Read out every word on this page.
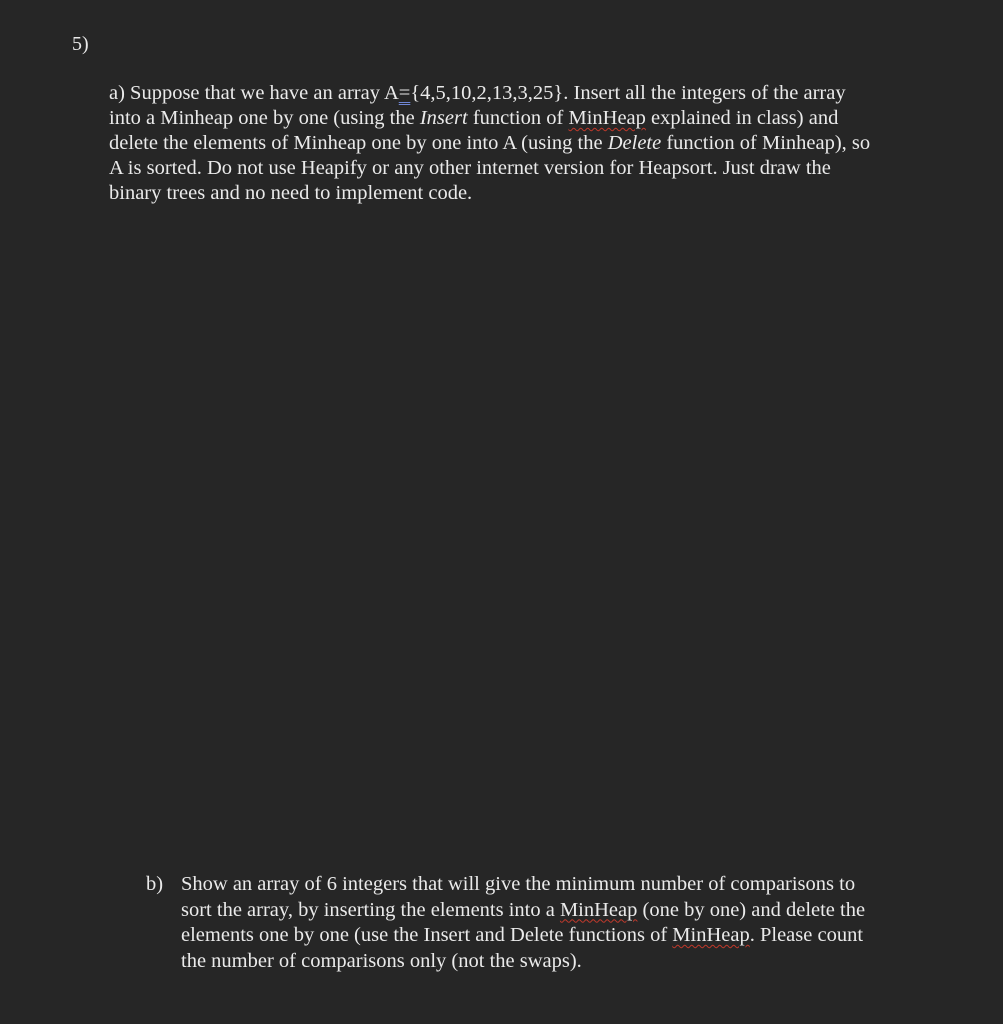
5)
a) Suppose that we have an array A={4,5,10,2,13,3,25}. Insert all the integers of the array
into a Minheap one by one (using the Insert function of MinHeap explained in class) and
delete the elements of Minheap one by one into A (using the Delete function of Minheap), so
A is sorted. Do not use Heapify or any other internet version for Heapsort. Just draw the
binary trees and no need to implement code.
b) Show an array of 6 integers that will give the minimum number of comparisons to
sort the array, by inserting the elements into a MinHeap (one by one) and delete the
elements one by one (use the Insert and Delete functions of MinHeap. Please count
the number of comparisons only (not the swaps).
